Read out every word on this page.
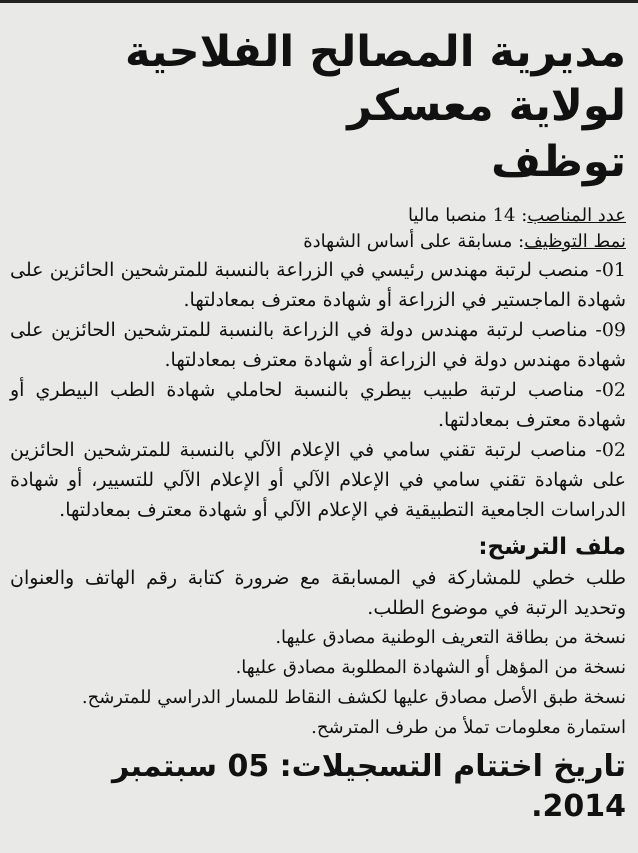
مديرية المصالح الفلاحية لولاية معسكر
توظف
عدد المناصب: 14 منصبا ماليا
نمط التوظيف: مسابقة على أساس الشهادة

01- منصب لرتبة مهندس رئيسي في الزراعة بالنسبة للمترشحين الحائزين على شهادة الماجستير في الزراعة أو شهادة معترف بمعادلتها.

09- مناصب لرتبة مهندس دولة في الزراعة بالنسبة للمترشحين الحائزين على شهادة مهندس دولة في الزراعة أو شهادة معترف بمعادلتها.

02- مناصب لرتبة طبيب بيطري بالنسبة لحاملي شهادة الطب البيطري أو شهادة معترف بمعادلتها.

02- مناصب لرتبة تقني سامي في الإعلام الآلي بالنسبة للمترشحين الحائزين على شهادة تقني سامي في الإعلام الآلي أو الإعلام الآلي للتسيير، أو شهادة الدراسات الجامعية التطبيقية في الإعلام الآلي أو شهادة معترف بمعادلتها.

ملف الترشح:

طلب خطي للمشاركة في المسابقة مع ضرورة كتابة رقم الهاتف والعنوان وتحديد الرتبة في موضوع الطلب.

نسخة من بطاقة التعريف الوطنية مصادق عليها.
نسخة من المؤهل أو الشهادة المطلوبة مصادق عليها.
نسخة طبق الأصل مصادق عليها لكشف النقاط للمسار الدراسي للمترشح.
استمارة معلومات تملأ من طرف المترشح.
تاريخ اختتام التسجيلات: 05 سبتمبر 2014.
